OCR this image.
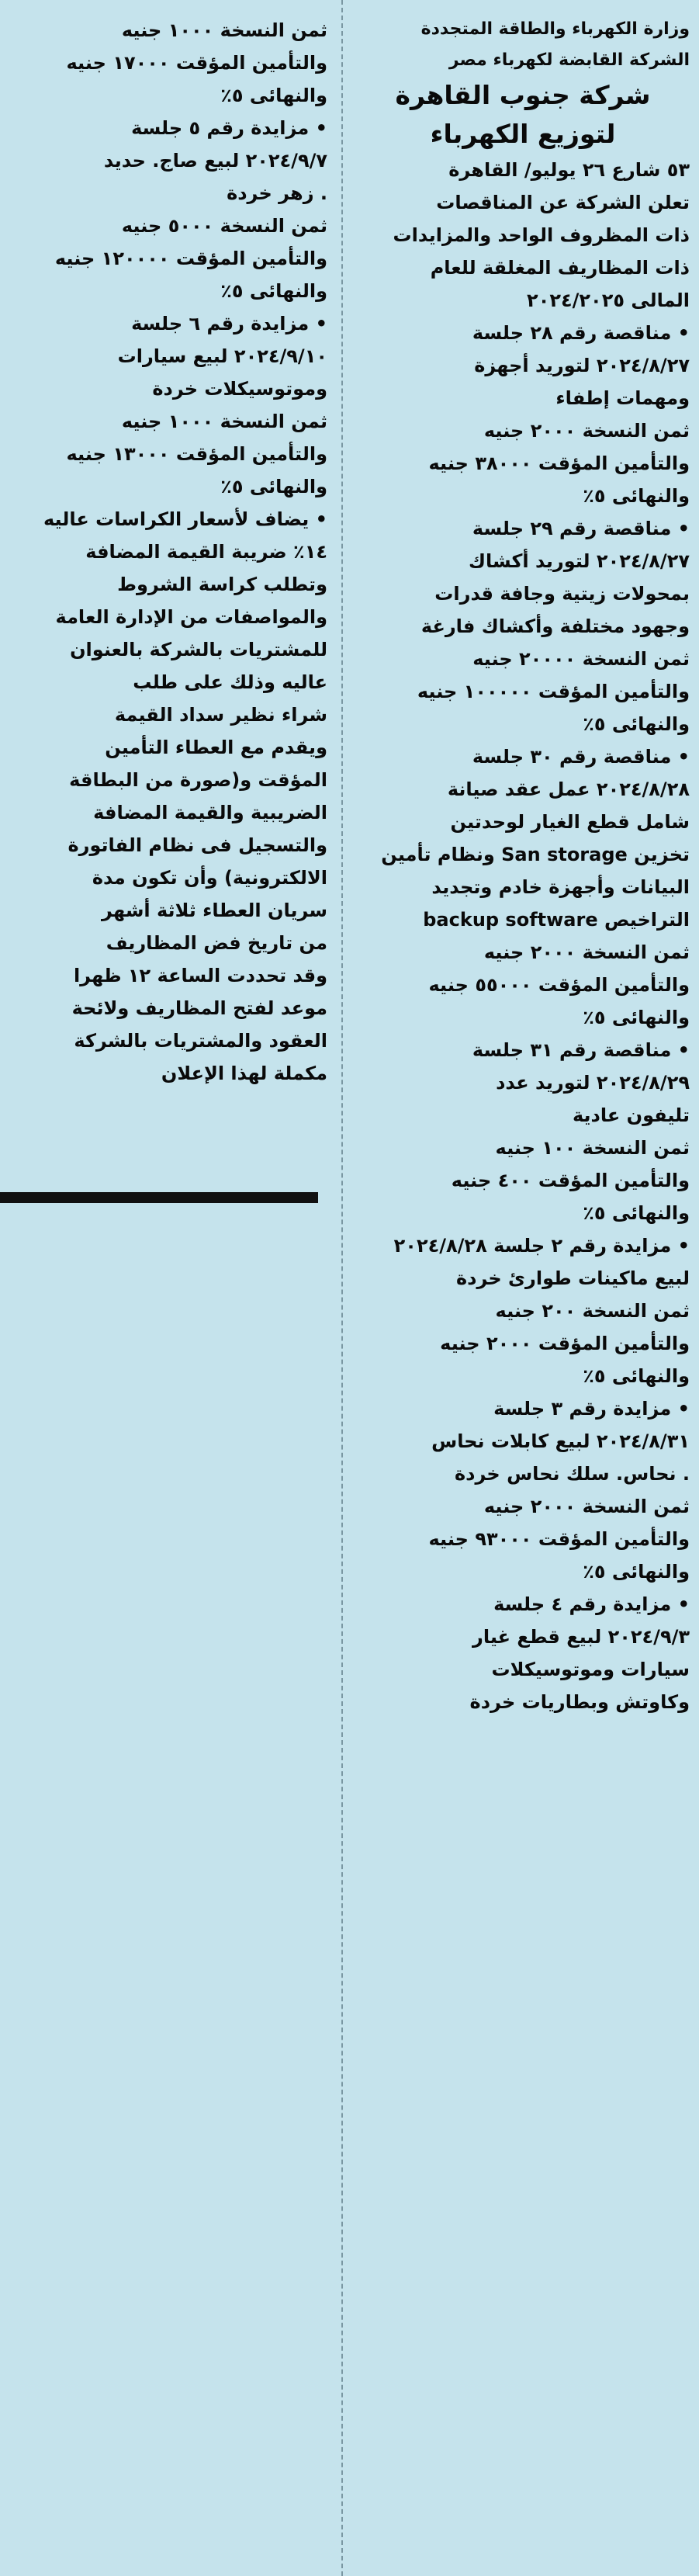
وزارة الكهرباء والطاقة المتجددة

الشركة القابضة لكهرباء مصر

شركة جنوب القاهرة

لتوزيع الكهرباء

٥٣ شارع ٢٦ يوليو/ القاهرة

تعلن الشركة عن المناقصات

ذات المظروف الواحد والمزايدات

ذات المظاريف المغلقة للعام

المالى ٢٠٢٤/٢٠٢٥

• مناقصة رقم ٢٨ جلسة

٢٠٢٤/٨/٢٧ لتوريد أجهزة

ومهمات إطفاء

ثمن النسخة ٢٠٠٠ جنيه

والتأمين المؤقت ٣٨٠٠٠ جنيه

والنهائى ٥٪

• مناقصة رقم ٢٩ جلسة

٢٠٢٤/٨/٢٧ لتوريد أكشاك

بمحولات زيتية وجافة قدرات

وجهود مختلفة وأكشاك فارغة

ثمن النسخة ٢٠٠٠٠ جنيه

والتأمين المؤقت ١٠٠٠٠٠ جنيه

والنهائى ٥٪

• مناقصة رقم ٣٠ جلسة

٢٠٢٤/٨/٢٨ عمل عقد صيانة

شامل قطع الغيار لوحدتين

تخزين San storage ونظام تأمين

البيانات وأجهزة خادم وتجديد

التراخيص backup software

ثمن النسخة ٢٠٠٠ جنيه

والتأمين المؤقت ٥٥٠٠٠ جنيه

والنهائى ٥٪

• مناقصة رقم ٣١ جلسة

٢٠٢٤/٨/٢٩ لتوريد عدد

تليفون عادية

ثمن النسخة ١٠٠ جنيه

والتأمين المؤقت ٤٠٠ جنيه

والنهائى ٥٪

• مزايدة رقم ٢ جلسة ٢٠٢٤/٨/٢٨

لبيع ماكينات طوارئ خردة

ثمن النسخة ٢٠٠ جنيه

والتأمين المؤقت ٢٠٠٠ جنيه

والنهائى ٥٪

• مزايدة رقم ٣ جلسة

٢٠٢٤/٨/٣١ لبيع كابلات نحاس

. نحاس. سلك نحاس خردة

ثمن النسخة ٢٠٠٠ جنيه

والتأمين المؤقت ٩٣٠٠٠ جنيه

والنهائى ٥٪

• مزايدة رقم ٤ جلسة

٢٠٢٤/٩/٣ لبيع قطع غيار

سيارات وموتوسيكلات

وكاوتش وبطاريات خردة

ثمن النسخة ١٠٠٠ جنيه

والتأمين المؤقت ١٧٠٠٠ جنيه

والنهائى ٥٪

• مزايدة رقم ٥ جلسة

٢٠٢٤/٩/٧ لبيع صاج. حديد

. زهر خردة

ثمن النسخة ٥٠٠٠ جنيه

والتأمين المؤقت ١٢٠٠٠٠ جنيه

والنهائى ٥٪

• مزايدة رقم ٦ جلسة

٢٠٢٤/٩/١٠ لبيع سيارات

وموتوسيكلات خردة

ثمن النسخة ١٠٠٠ جنيه

والتأمين المؤقت ١٣٠٠٠ جنيه

والنهائى ٥٪

• يضاف لأسعار الكراسات عاليه

١٤٪ ضريبة القيمة المضافة

وتطلب كراسة الشروط

والمواصفات من الإدارة العامة

للمشتريات بالشركة بالعنوان

عاليه وذلك على طلب

شراء نظير سداد القيمة

ويقدم مع العطاء التأمين

المؤقت و(صورة من البطاقة

الضريبية والقيمة المضافة

والتسجيل فى نظام الفاتورة

الالكترونية) وأن تكون مدة

سريان العطاء ثلاثة أشهر

من تاريخ فض المظاريف

وقد تحددت الساعة ١٢ ظهرا

موعد لفتح المظاريف ولائحة

العقود والمشتريات بالشركة

مكملة لهذا الإعلان
